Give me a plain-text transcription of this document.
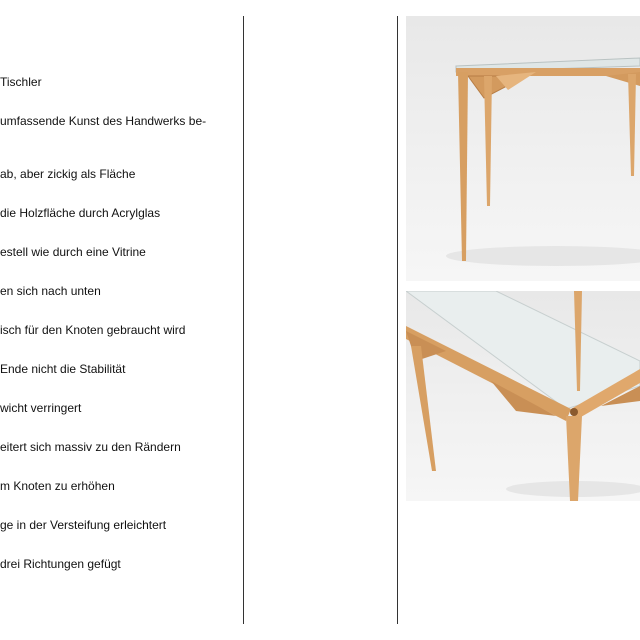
Tischler

umfassende Kunst des Handwerks be-

ab, aber zickig als Fläche

die Holzfläche durch Acrylglas

estell wie durch eine Vitrine

en sich nach unten

isch für den Knoten gebraucht wird

Ende nicht die Stabilität

wicht verringert

eitert sich massiv zu den Rändern

m Knoten zu erhöhen

ge in der Versteifung erleichtert

drei Richtungen gefügt
